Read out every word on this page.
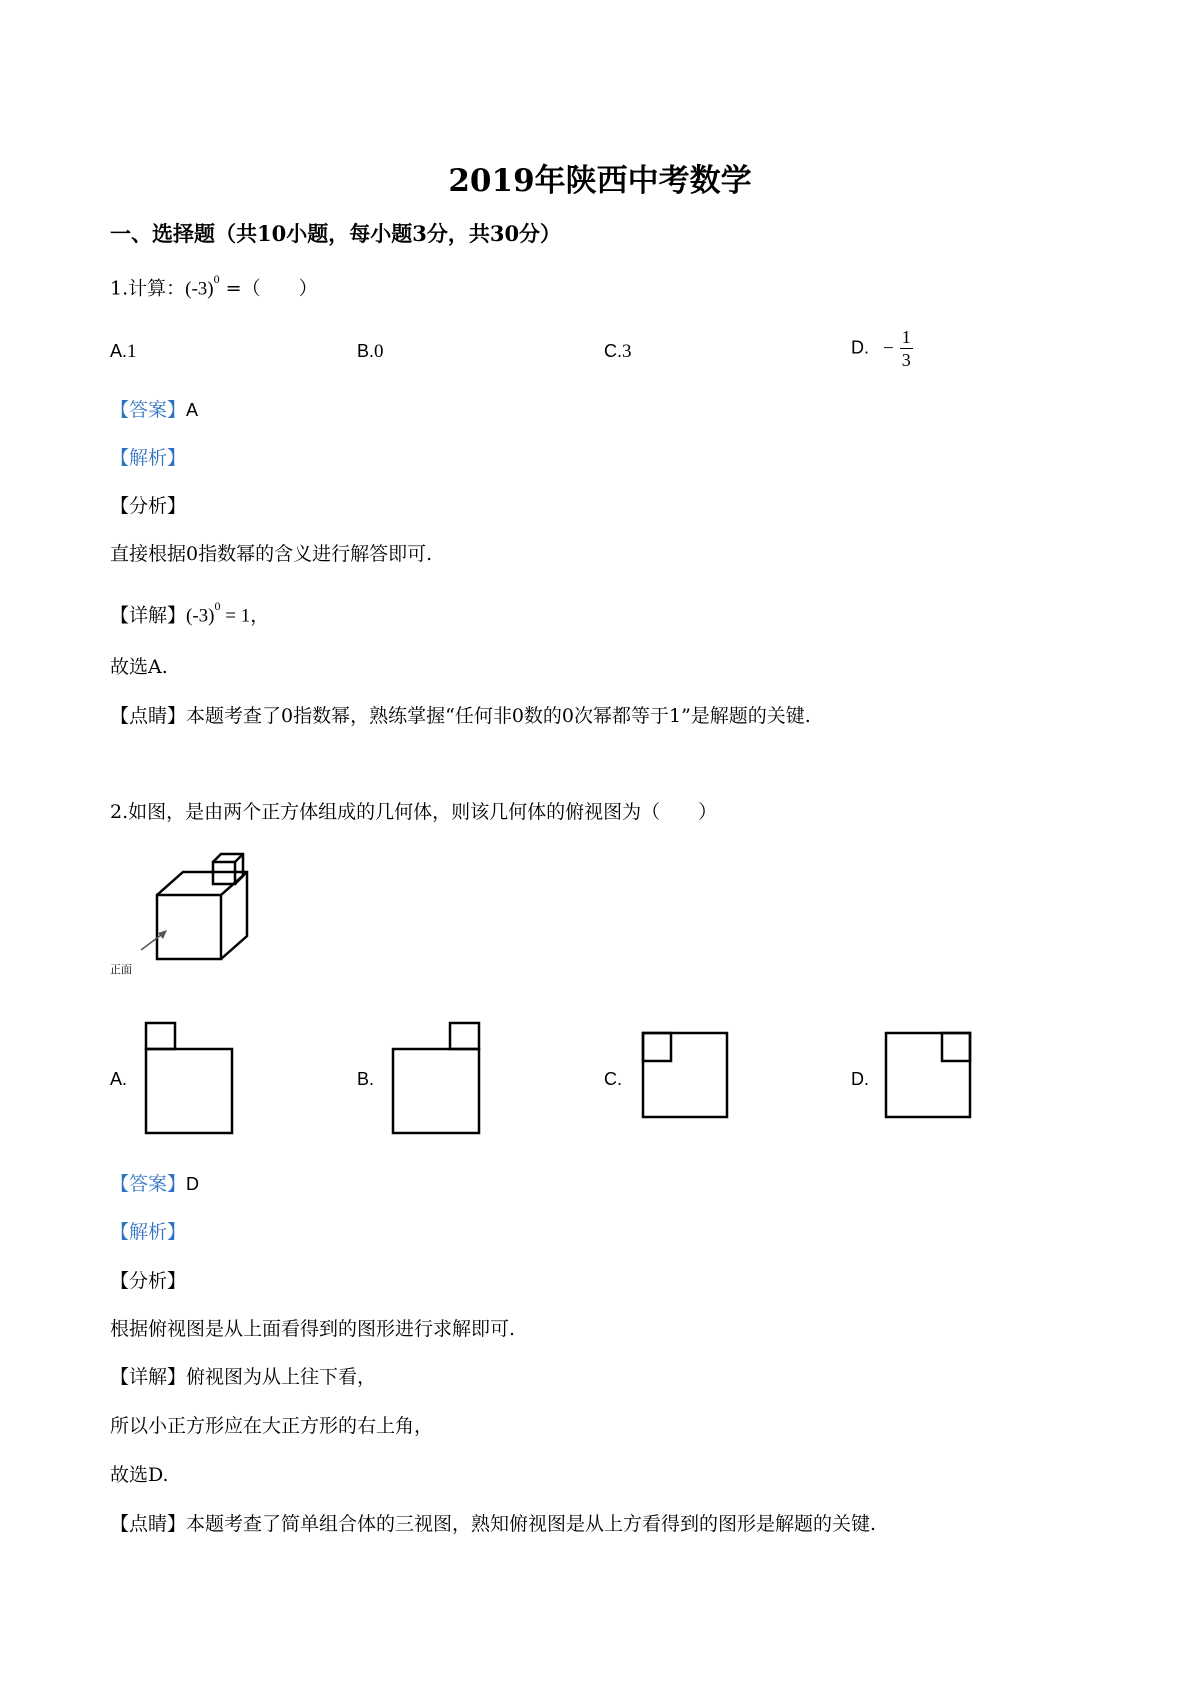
2019年陕西中考数学
一、选择题（共10小题，每小题3分，共30分）
1.计算：$(-3)^0$ =（　　）
A.1	B.0	C.3	D. − $\frac{1}{3}$
【答案】A
【解析】
【分析】
直接根据0指数幂的含义进行解答即可.
【详解】$(-3)^0 = 1$，
故选A.
【点睛】本题考查了0指数幂，熟练掌握“任何非0数的0次幂都等于1”是解题的关键.
2.如图，是由两个正方体组成的几何体，则该几何体的俯视图为（　　）
正面
A.	B.	C.	D.
【答案】D
【解析】
【分析】
根据俯视图是从上面看得到的图形进行求解即可.
【详解】俯视图为从上往下看，
所以小正方形应在大正方形的右上角，
故选D.
【点睛】本题考查了简单组合体的三视图，熟知俯视图是从上方看得到的图形是解题的关键.
